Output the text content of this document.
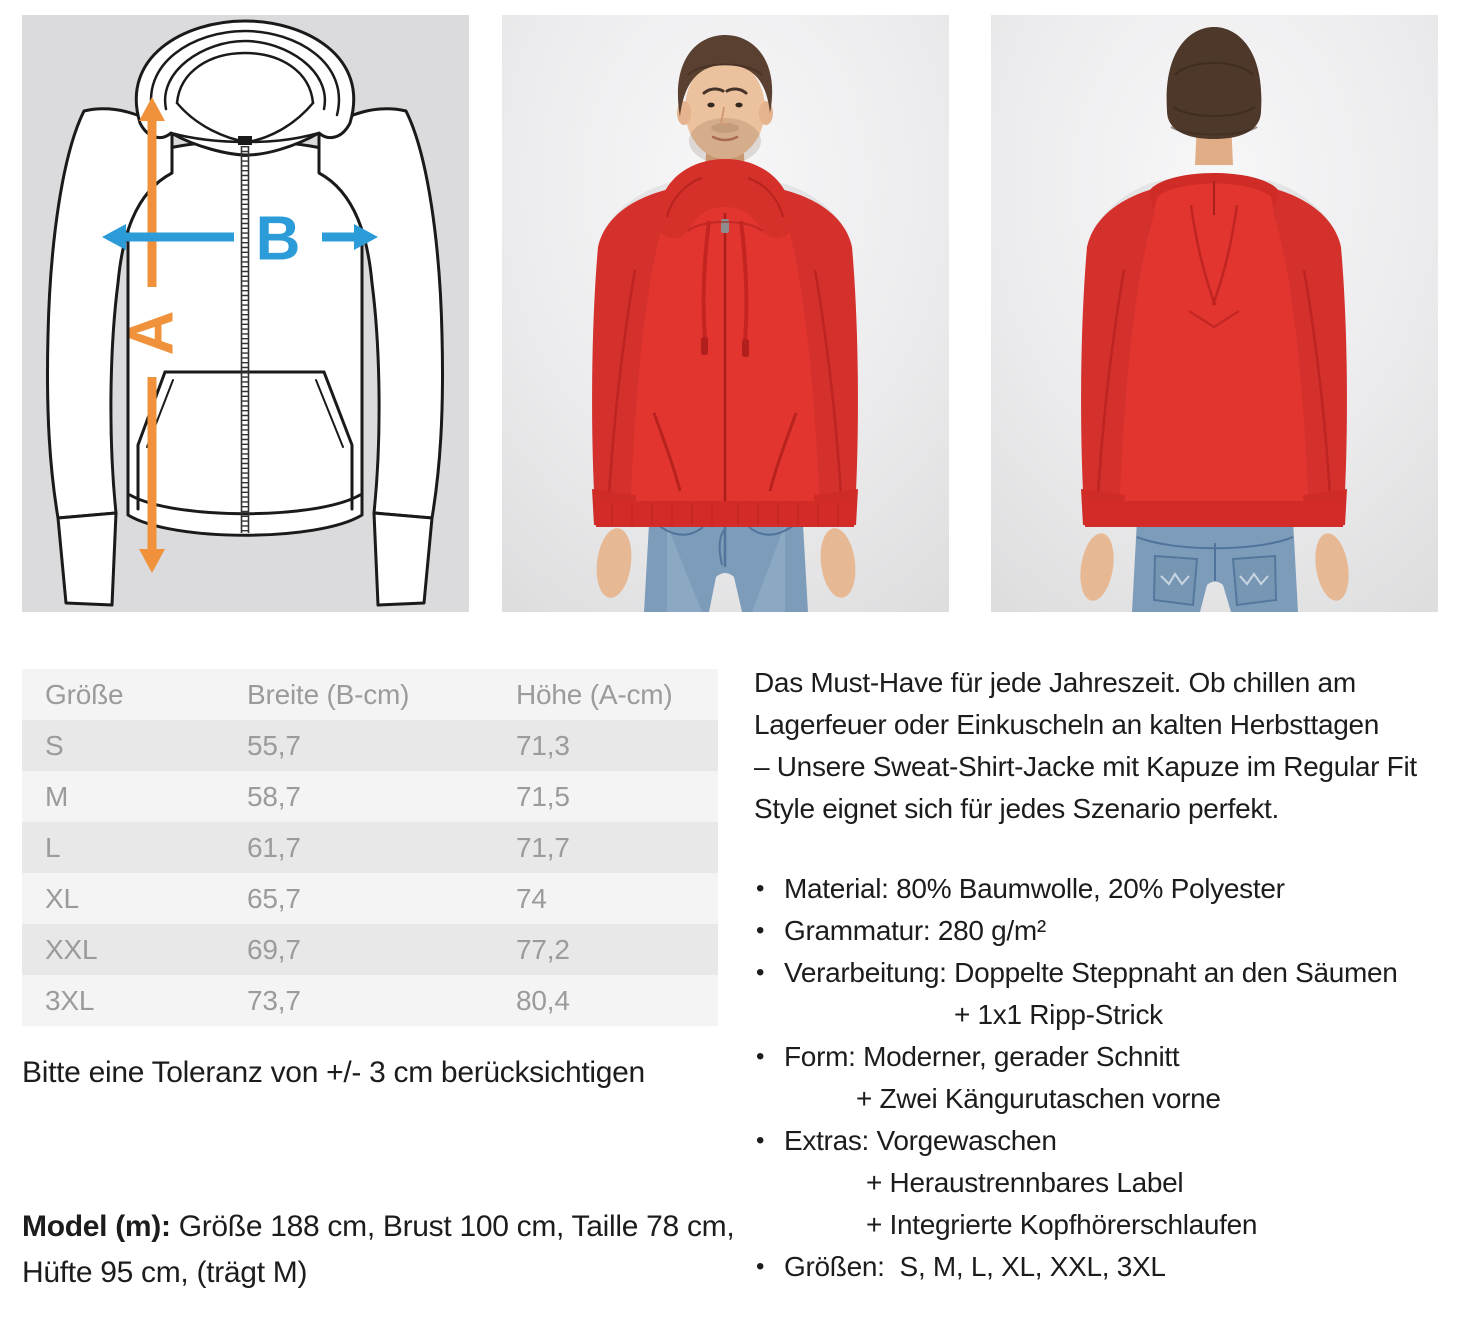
A
B
Größe	Breite (B-cm)	Höhe (A-cm)
S	55,7	71,3
M	58,7	71,5
L	61,7	71,7
XL	65,7	74
XXL	69,7	77,2
3XL	73,7	80,4

Bitte eine Toleranz von +/- 3 cm berücksichtigen

Model (m): Größe 188 cm, Brust 100 cm, Taille 78 cm,
Hüfte 95 cm, (trägt M)

Das Must-Have für jede Jahreszeit. Ob chillen am
Lagerfeuer oder Einkuscheln an kalten Herbsttagen
– Unsere Sweat-Shirt-Jacke mit Kapuze im Regular Fit
Style eignet sich für jedes Szenario perfekt.
• Material: 80% Baumwolle, 20% Polyester
• Grammatur: 280 g/m²
• Verarbeitung: Doppelte Steppnaht an den Säumen
+ 1x1 Ripp-Strick
• Form: Moderner, gerader Schnitt
+ Zwei Kängurutaschen vorne
• Extras: Vorgewaschen
+ Heraustrennbares Label
+ Integrierte Kopfhörerschlaufen
• Größen:  S, M, L, XL, XXL, 3XL
